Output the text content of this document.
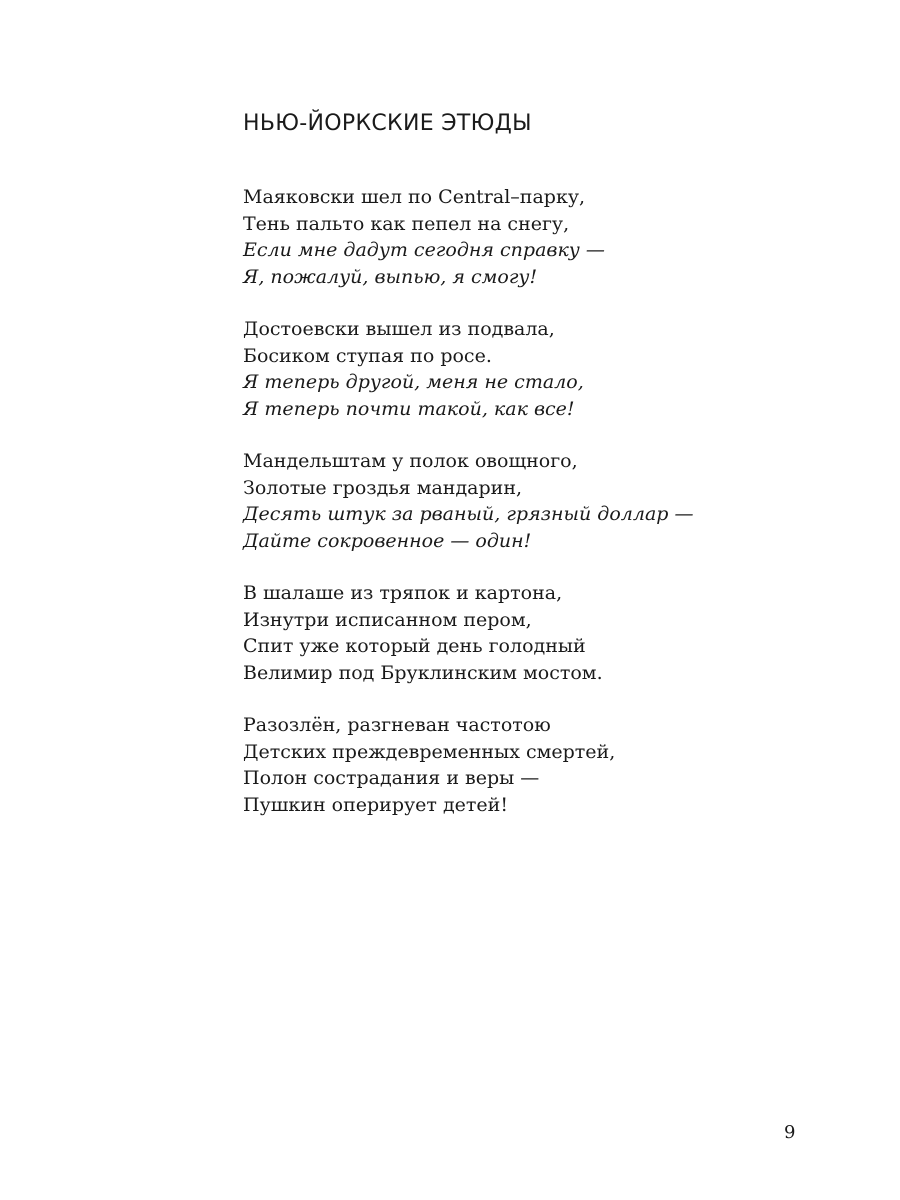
НЬЮ-ЙОРКСКИЕ ЭТЮДЫ
Маяковски шел по Central–парку,
Тень пальто как пепел на снегу,
Если мне дадут сегодня справку —
Я, пожалуй, выпью, я смогу!
Достоевски вышел из подвала,
Босиком ступая по росе.
Я теперь другой, меня не стало,
Я теперь почти такой, как все!
Мандельштам у полок овощного,
Золотые гроздья мандарин,
Десять штук за рваный, грязный доллар —
Дайте сокровенное — один!
В шалаше из тряпок и картона,
Изнутри исписанном пером,
Спит уже который день голодный
Велимир под Бруклинским мостом.
Разозлён, разгневан частотою
Детских преждевременных смертей,
Полон сострадания и веры —
Пушкин оперирует детей!
9
